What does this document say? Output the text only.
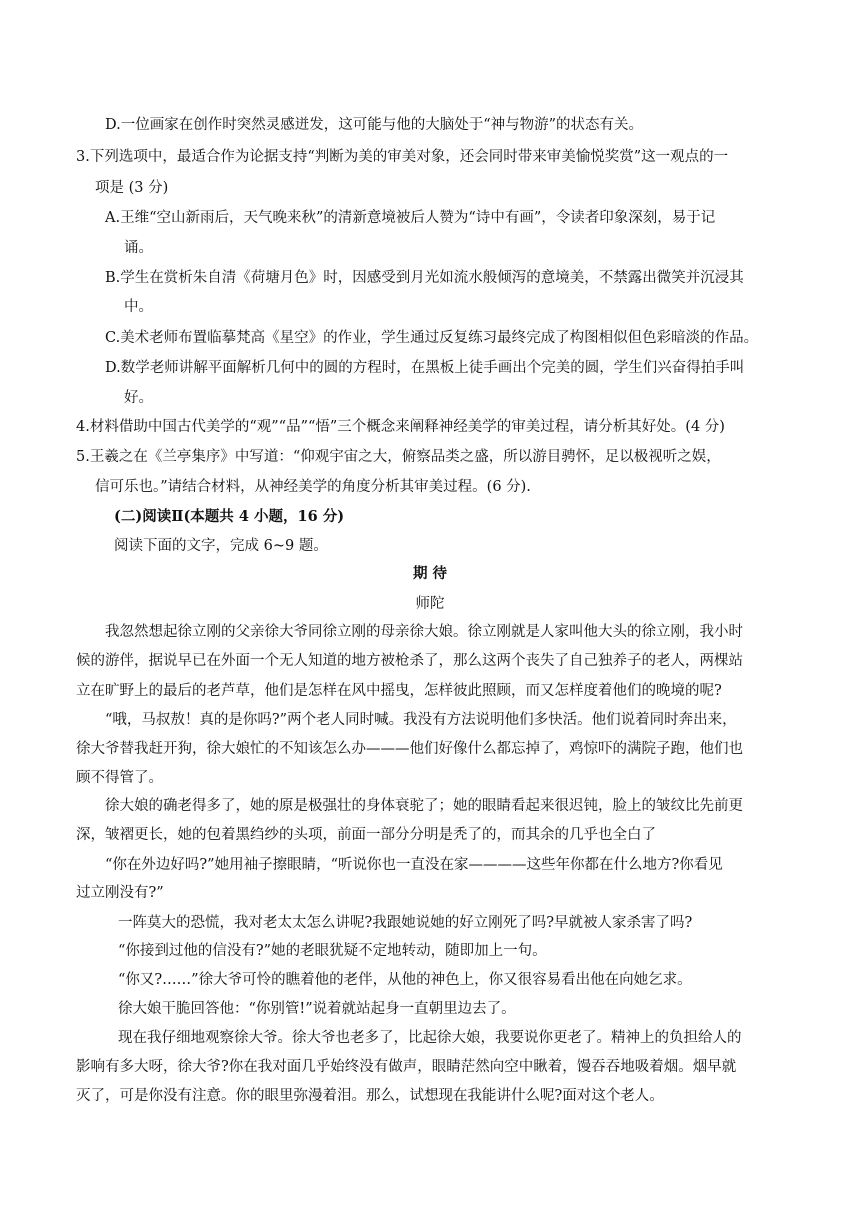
D.一位画家在创作时突然灵感迸发，这可能与他的大脑处于“神与物游”的状态有关。
3.下列选项中，最适合作为论据支持“判断为美的审美对象，还会同时带来审美愉悦奖赏”这一观点的一
项是 (3 分)
A.王维“空山新雨后，天气晚来秋”的清新意境被后人赞为“诗中有画”，令读者印象深刻，易于记
诵。
B.学生在赏析朱自清《荷塘月色》时，因感受到月光如流水般倾泻的意境美，不禁露出微笑并沉浸其
中。
C.美术老师布置临摹梵高《星空》的作业，学生通过反复练习最终完成了构图相似但色彩暗淡的作品。
D.数学老师讲解平面解析几何中的圆的方程时，在黑板上徒手画出个完美的圆，学生们兴奋得拍手叫
好。
4.材料借助中国古代美学的“观”“品”“悟”三个概念来阐释神经美学的审美过程，请分析其好处。(4 分)
5.王羲之在《兰亭集序》中写道：“仰观宇宙之大，俯察品类之盛，所以游目骋怀，足以极视听之娱，
信可乐也。”请结合材料，从神经美学的角度分析其审美过程。(6 分).
(二)阅读Ⅱ(本题共 4 小题，16 分)
阅读下面的文字，完成 6~9 题。
期 待
师陀
我忽然想起徐立刚的父亲徐大爷同徐立刚的母亲徐大娘。徐立刚就是人家叫他大头的徐立刚，我小时
候的游伴，据说早已在外面一个无人知道的地方被枪杀了，那么这两个丧失了自己独养子的老人，两棵站
立在旷野上的最后的老芦草，他们是怎样在风中摇曳，怎样彼此照顾，而又怎样度着他们的晚境的呢?
“哦，马叔敖！真的是你吗?”两个老人同时喊。我没有方法说明他们多快活。他们说着同时奔出来，
徐大爷替我赶开狗，徐大娘忙的不知该怎么办———他们好像什么都忘掉了，鸡惊吓的满院子跑，他们也
顾不得管了。
徐大娘的确老得多了，她的原是极强壮的身体衰驼了；她的眼睛看起来很迟钝，脸上的皱纹比先前更
深，皱褶更长，她的包着黑绉纱的头项，前面一部分分明是秃了的，而其余的几乎也全白了
“你在外边好吗?”她用袖子擦眼睛，“听说你也一直没在家————这些年你都在什么地方?你看见
过立刚没有?”
一阵莫大的恐慌，我对老太太怎么讲呢?我跟她说她的好立刚死了吗?早就被人家杀害了吗?
“你接到过他的信没有?”她的老眼犹疑不定地转动，随即加上一句。
“你又?……”徐大爷可怜的瞧着他的老伴，从他的神色上，你又很容易看出他在向她乞求。
徐大娘干脆回答他：“你别管!”说着就站起身一直朝里边去了。
现在我仔细地观察徐大爷。徐大爷也老多了，比起徐大娘，我要说你更老了。精神上的负担给人的
影响有多大呀，徐大爷?你在我对面几乎始终没有做声，眼睛茫然向空中瞅着，馒吞吞地吸着烟。烟早就
灭了，可是你没有注意。你的眼里弥漫着泪。那么，试想现在我能讲什么呢?面对这个老人。
